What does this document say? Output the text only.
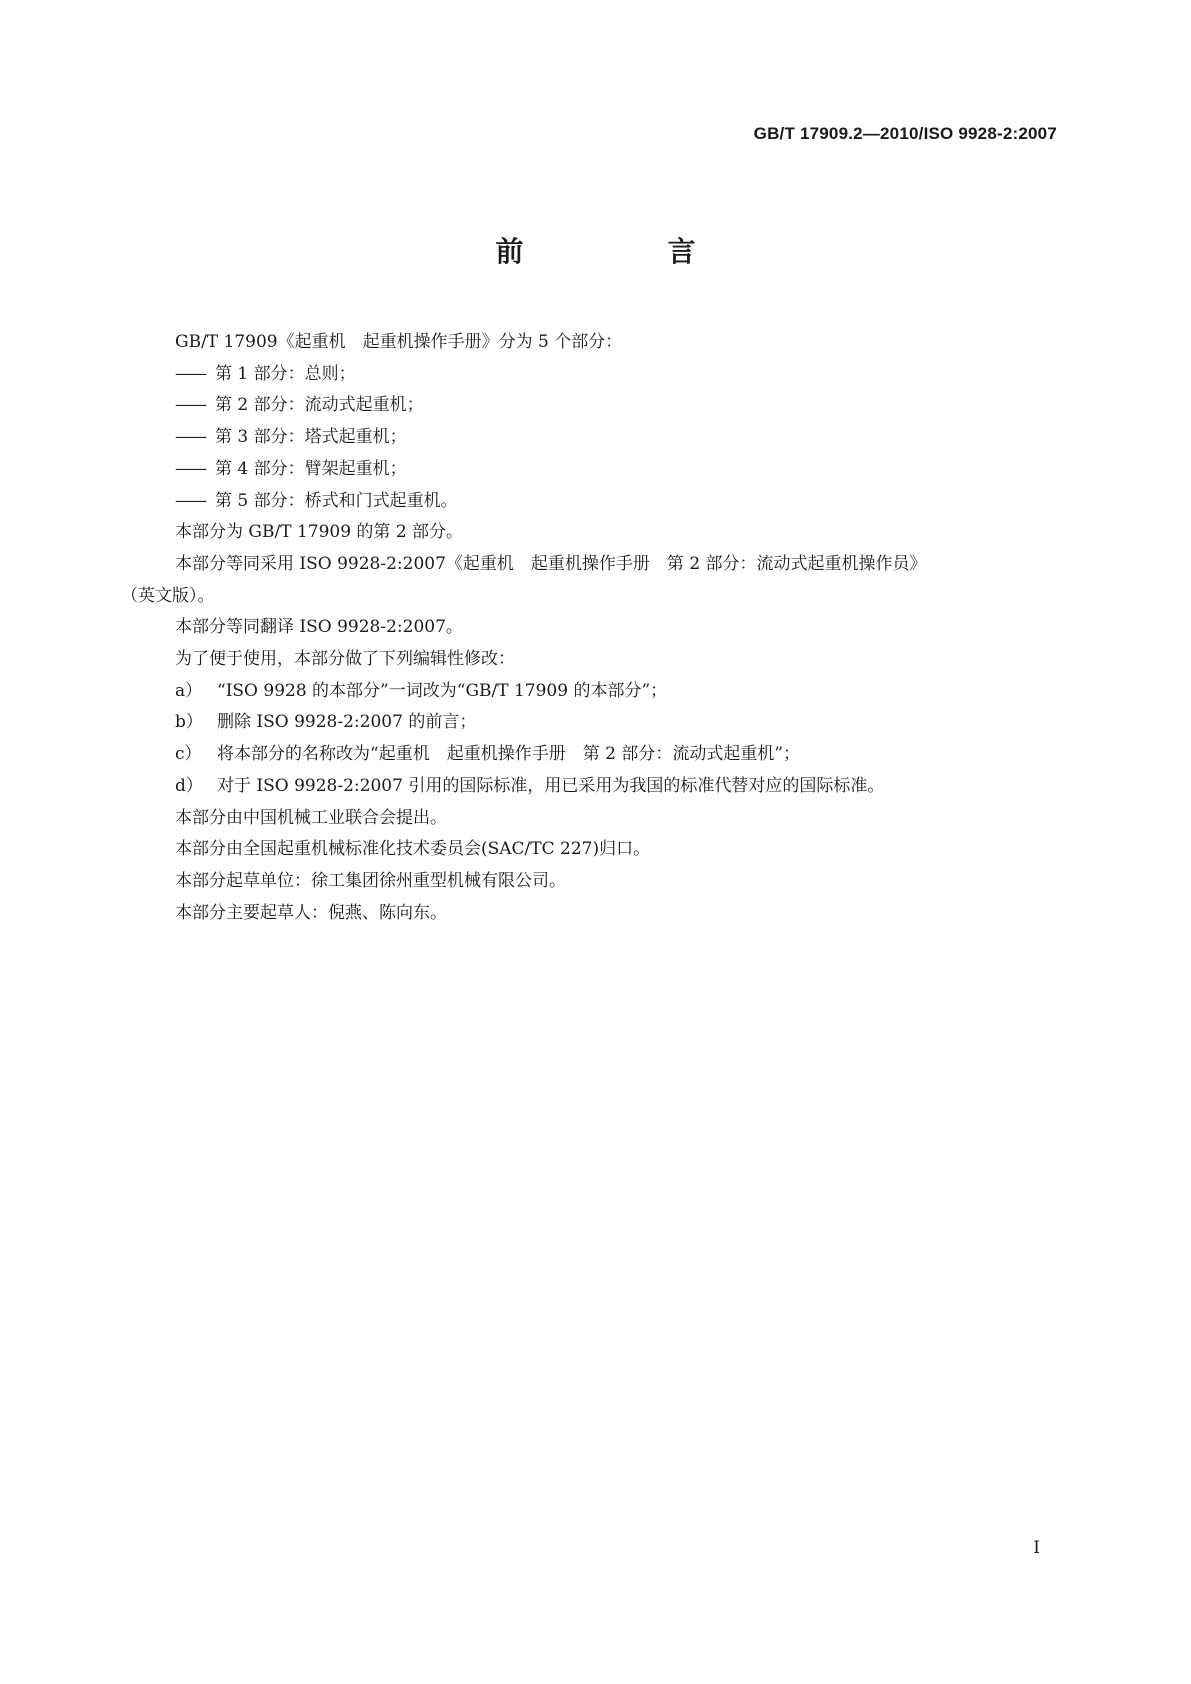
GB/T 17909.2—2010/ISO 9928-2:2007
前　言
GB/T 17909《起重机　起重机操作手册》分为 5 个部分：
—— 第 1 部分：总则；
—— 第 2 部分：流动式起重机；
—— 第 3 部分：塔式起重机；
—— 第 4 部分：臂架起重机；
—— 第 5 部分：桥式和门式起重机。
本部分为 GB/T 17909 的第 2 部分。
本部分等同采用 ISO 9928-2:2007《起重机　起重机操作手册　第 2 部分：流动式起重机操作员》
（英文版）。
本部分等同翻译 ISO 9928-2:2007。
为了便于使用，本部分做了下列编辑性修改：
a） “ISO 9928 的本部分”一词改为“GB/T 17909 的本部分”；
b） 删除 ISO 9928-2:2007 的前言；
c） 将本部分的名称改为“起重机　起重机操作手册　第 2 部分：流动式起重机”；
d） 对于 ISO 9928-2:2007 引用的国际标准，用已采用为我国的标准代替对应的国际标准。
本部分由中国机械工业联合会提出。
本部分由全国起重机械标准化技术委员会(SAC/TC 227)归口。
本部分起草单位：徐工集团徐州重型机械有限公司。
本部分主要起草人：倪燕、陈向东。
I
